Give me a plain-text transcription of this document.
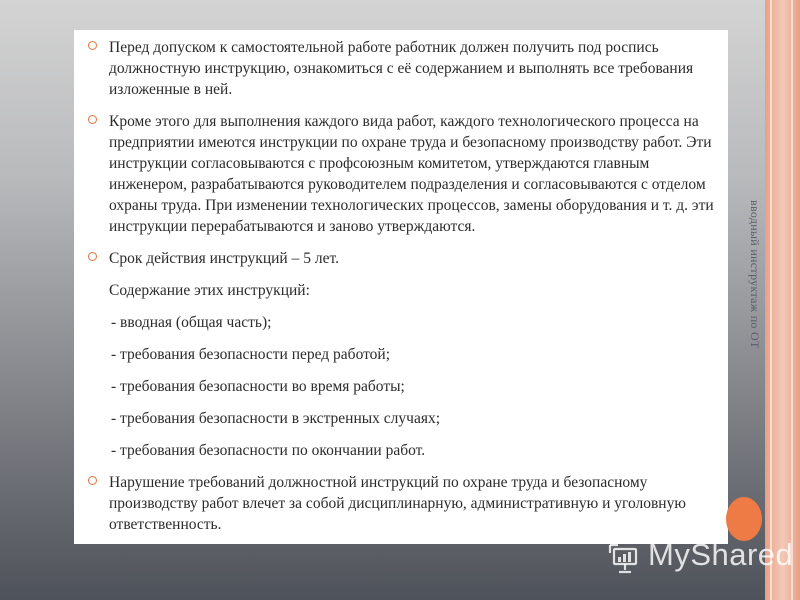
Перед допуском к самостоятельной работе работник должен получить под роспись должностную инструкцию, ознакомиться с её содержанием и выполнять все требования изложенные в ней.
Кроме этого для выполнения каждого вида работ, каждого технологического процесса на предприятии имеются инструкции по охране труда и безопасному производству работ. Эти инструкции согласовываются с профсоюзным комитетом, утверждаются главным инженером, разрабатываются руководителем подразделения и согласовываются с отделом охраны труда. При изменении технологических процессов, замены оборудования и т. д. эти инструкции перерабатываются и заново утверждаются.
Срок действия инструкций – 5 лет.
Содержание этих инструкций:
- вводная (общая часть);
- требования безопасности перед работой;
- требования безопасности во время работы;
- требования безопасности в экстренных случаях;
- требования безопасности по окончании работ.
Нарушение требований должностной инструкций по охране труда и безопасному производству работ влечет за собой дисциплинарную, административную и уголовную ответственность.
вводный инструктаж по ОТ
MyShared
